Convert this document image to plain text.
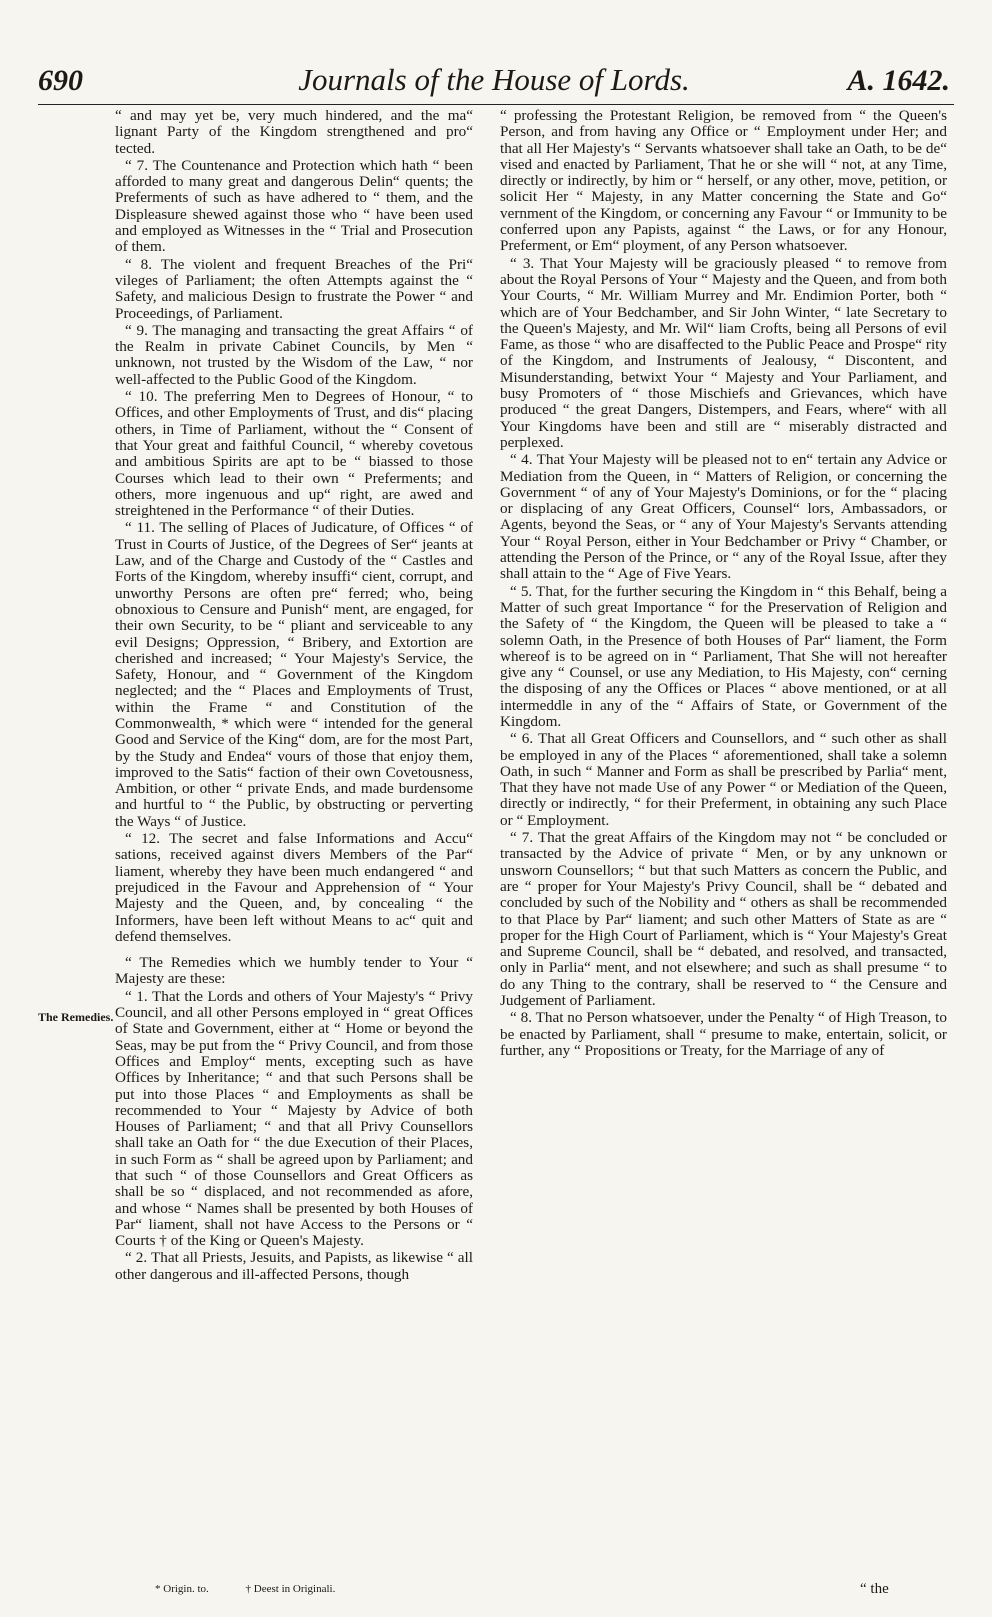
690	Journals of the House of Lords.	A. 1642.
The Remedies.

“ and may yet be, very much hindered, and the ma“ lignant Party of the Kingdom strengthened and pro“ tected.

“ 7. The Countenance and Protection which hath “ been afforded to many great and dangerous Delin“ quents; the Preferments of such as have adhered to “ them, and the Displeasure shewed against those who “ have been used and employed as Witnesses in the “ Trial and Prosecution of them.

“ 8. The violent and frequent Breaches of the Pri“ vileges of Parliament; the often Attempts against the “ Safety, and malicious Design to frustrate the Power “ and Proceedings, of Parliament.

“ 9. The managing and transacting the great Affairs “ of the Realm in private Cabinet Councils, by Men “ unknown, not trusted by the Wisdom of the Law, “ nor well-affected to the Public Good of the Kingdom.

“ 10. The preferring Men to Degrees of Honour, “ to Offices, and other Employments of Trust, and dis“ placing others, in Time of Parliament, without the “ Consent of that Your great and faithful Council, “ whereby covetous and ambitious Spirits are apt to be “ biassed to those Courses which lead to their own “ Preferments; and others, more ingenuous and up“ right, are awed and streightened in the Performance “ of their Duties.

“ 11. The selling of Places of Judicature, of Offices “ of Trust in Courts of Justice, of the Degrees of Ser“ jeants at Law, and of the Charge and Custody of the “ Castles and Forts of the Kingdom, whereby insuffi“ cient, corrupt, and unworthy Persons are often pre“ ferred; who, being obnoxious to Censure and Punish“ ment, are engaged, for their own Security, to be “ pliant and serviceable to any evil Designs; Oppression, “ Bribery, and Extortion are cherished and increased; “ Your Majesty's Service, the Safety, Honour, and “ Government of the Kingdom neglected; and the “ Places and Employments of Trust, within the Frame “ and Constitution of the Commonwealth, * which were “ intended for the general Good and Service of the King“ dom, are for the most Part, by the Study and Endea“ vours of those that enjoy them, improved to the Satis“ faction of their own Covetousness, Ambition, or other “ private Ends, and made burdensome and hurtful to “ the Public, by obstructing or perverting the Ways “ of Justice.

“ 12. The secret and false Informations and Accu“ sations, received against divers Members of the Par“ liament, whereby they have been much endangered “ and prejudiced in the Favour and Apprehension of “ Your Majesty and the Queen, and, by concealing “ the Informers, have been left without Means to ac“ quit and defend themselves.

“ The Remedies which we humbly tender to Your “ Majesty are these:

“ 1. That the Lords and others of Your Majesty's “ Privy Council, and all other Persons employed in “ great Offices of State and Government, either at “ Home or beyond the Seas, may be put from the “ Privy Council, and from those Offices and Employ“ ments, excepting such as have Offices by Inheritance; “ and that such Persons shall be put into those Places “ and Employments as shall be recommended to Your “ Majesty by Advice of both Houses of Parliament; “ and that all Privy Counsellors shall take an Oath for “ the due Execution of their Places, in such Form as “ shall be agreed upon by Parliament; and that such “ of those Counsellors and Great Officers as shall be so “ displaced, and not recommended as afore, and whose “ Names shall be presented by both Houses of Par“ liament, shall not have Access to the Persons or “ Courts † of the King or Queen's Majesty.

“ 2. That all Priests, Jesuits, and Papists, as likewise “ all other dangerous and ill-affected Persons, though

“ professing the Protestant Religion, be removed from “ the Queen's Person, and from having any Office or “ Employment under Her; and that all Her Majesty's “ Servants whatsoever shall take an Oath, to be de“ vised and enacted by Parliament, That he or she will “ not, at any Time, directly or indirectly, by him or “ herself, or any other, move, petition, or solicit Her “ Majesty, in any Matter concerning the State and Go“ vernment of the Kingdom, or concerning any Favour “ or Immunity to be conferred upon any Papists, against “ the Laws, or for any Honour, Preferment, or Em“ ployment, of any Person whatsoever.

“ 3. That Your Majesty will be graciously pleased “ to remove from about the Royal Persons of Your “ Majesty and the Queen, and from both Your Courts, “ Mr. William Murrey and Mr. Endimion Porter, both “ which are of Your Bedchamber, and Sir John Winter, “ late Secretary to the Queen's Majesty, and Mr. Wil“ liam Crofts, being all Persons of evil Fame, as those “ who are disaffected to the Public Peace and Prospe“ rity of the Kingdom, and Instruments of Jealousy, “ Discontent, and Misunderstanding, betwixt Your “ Majesty and Your Parliament, and busy Promoters of “ those Mischiefs and Grievances, which have produced “ the great Dangers, Distempers, and Fears, where“ with all Your Kingdoms have been and still are “ miserably distracted and perplexed.

“ 4. That Your Majesty will be pleased not to en“ tertain any Advice or Mediation from the Queen, in “ Matters of Religion, or concerning the Government “ of any of Your Majesty's Dominions, or for the “ placing or displacing of any Great Officers, Counsel“ lors, Ambassadors, or Agents, beyond the Seas, or “ any of Your Majesty's Servants attending Your “ Royal Person, either in Your Bedchamber or Privy “ Chamber, or attending the Person of the Prince, or “ any of the Royal Issue, after they shall attain to the “ Age of Five Years.

“ 5. That, for the further securing the Kingdom in “ this Behalf, being a Matter of such great Importance “ for the Preservation of Religion and the Safety of “ the Kingdom, the Queen will be pleased to take a “ solemn Oath, in the Presence of both Houses of Par“ liament, the Form whereof is to be agreed on in “ Parliament, That She will not hereafter give any “ Counsel, or use any Mediation, to His Majesty, con“ cerning the disposing of any the Offices or Places “ above mentioned, or at all intermeddle in any of the “ Affairs of State, or Government of the Kingdom.

“ 6. That all Great Officers and Counsellors, and “ such other as shall be employed in any of the Places “ aforementioned, shall take a solemn Oath, in such “ Manner and Form as shall be prescribed by Parlia“ ment, That they have not made Use of any Power “ or Mediation of the Queen, directly or indirectly, “ for their Preferment, in obtaining any such Place or “ Employment.

“ 7. That the great Affairs of the Kingdom may not “ be concluded or transacted by the Advice of private “ Men, or by any unknown or unsworn Counsellors; “ but that such Matters as concern the Public, and are “ proper for Your Majesty's Privy Council, shall be “ debated and concluded by such of the Nobility and “ others as shall be recommended to that Place by Par“ liament; and such other Matters of State as are “ proper for the High Court of Parliament, which is “ Your Majesty's Great and Supreme Council, shall be “ debated, and resolved, and transacted, only in Parlia“ ment, and not elsewhere; and such as shall presume “ to do any Thing to the contrary, shall be reserved to “ the Censure and Judgement of Parliament.

“ 8. That no Person whatsoever, under the Penalty “ of High Treason, to be enacted by Parliament, shall “ presume to make, entertain, solicit, or further, any “ Propositions or Treaty, for the Marriage of any of

* Origin. to.	† Deest in Originali.	“ the
